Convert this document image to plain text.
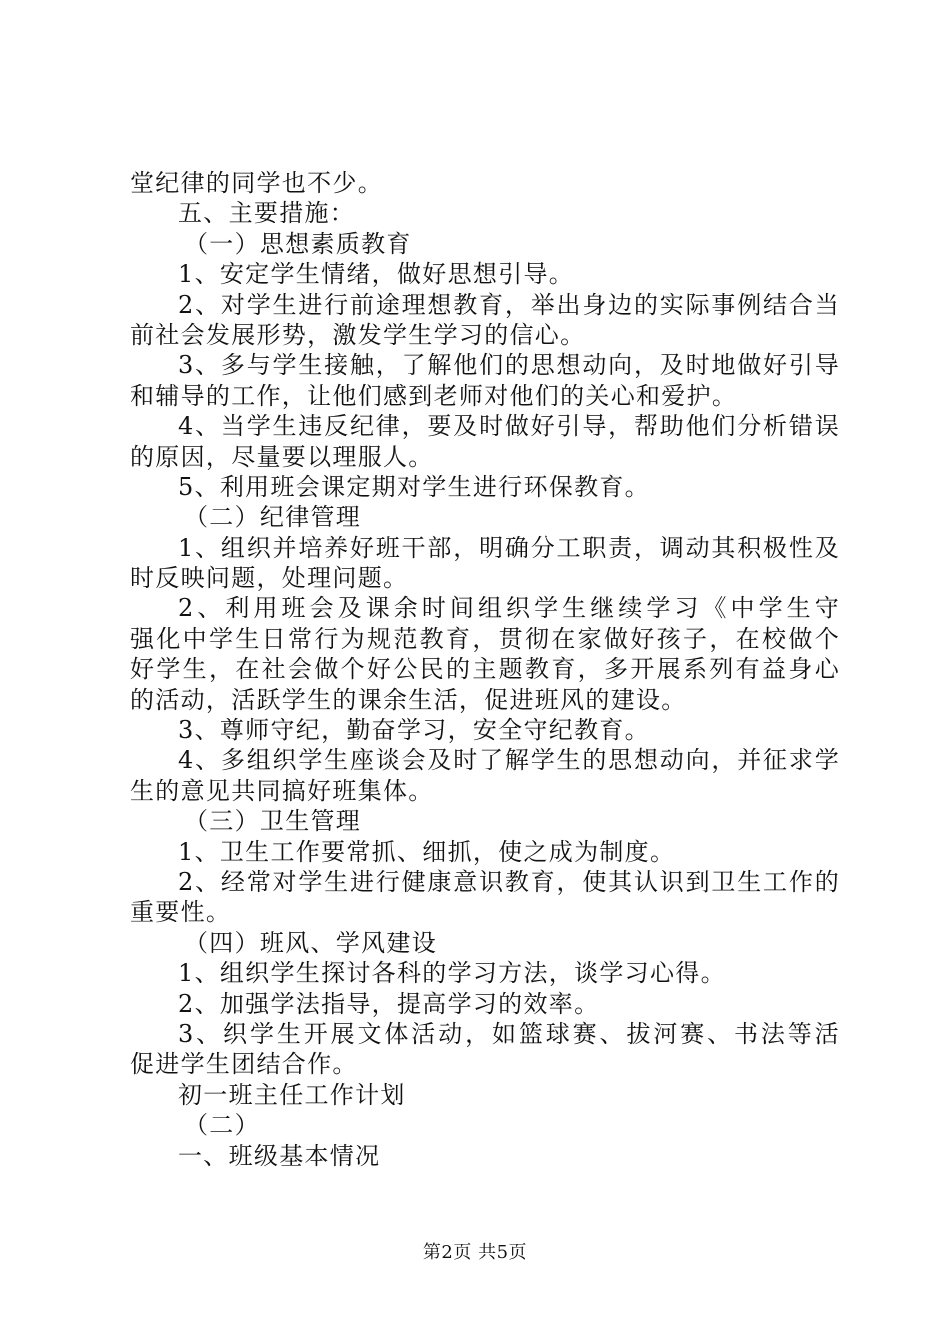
堂纪律的同学也不少。
五、主要措施：
（一）思想素质教育
1、安定学生情绪，做好思想引导。
2、对学生进行前途理想教育，举出身边的实际事例结合当
前社会发展形势，激发学生学习的信心。
3、多与学生接触，了解他们的思想动向，及时地做好引导
和辅导的工作，让他们感到老师对他们的关心和爱护。
4、当学生违反纪律，要及时做好引导，帮助他们分析错误
的原因，尽量要以理服人。
5、利用班会课定期对学生进行环保教育。
（二）纪律管理
1、组织并培养好班干部，明确分工职责，调动其积极性及
时反映问题，处理问题。
2、利用班会及课余时间组织学生继续学习《中学生守
强化中学生日常行为规范教育，贯彻在家做好孩子，在校做个
好学生，在社会做个好公民的主题教育，多开展系列有益身心
的活动，活跃学生的课余生活，促进班风的建设。
3、尊师守纪，勤奋学习，安全守纪教育。
4、多组织学生座谈会及时了解学生的思想动向，并征求学
生的意见共同搞好班集体。
（三）卫生管理
1、卫生工作要常抓、细抓，使之成为制度。
2、经常对学生进行健康意识教育，使其认识到卫生工作的
重要性。
（四）班风、学风建设
1、组织学生探讨各科的学习方法，谈学习心得。
2、加强学法指导，提高学习的效率。
3、织学生开展文体活动，如篮球赛、拔河赛、书法等活
促进学生团结合作。
初一班主任工作计划
（二）
一、班级基本情况
第2页 共5页
